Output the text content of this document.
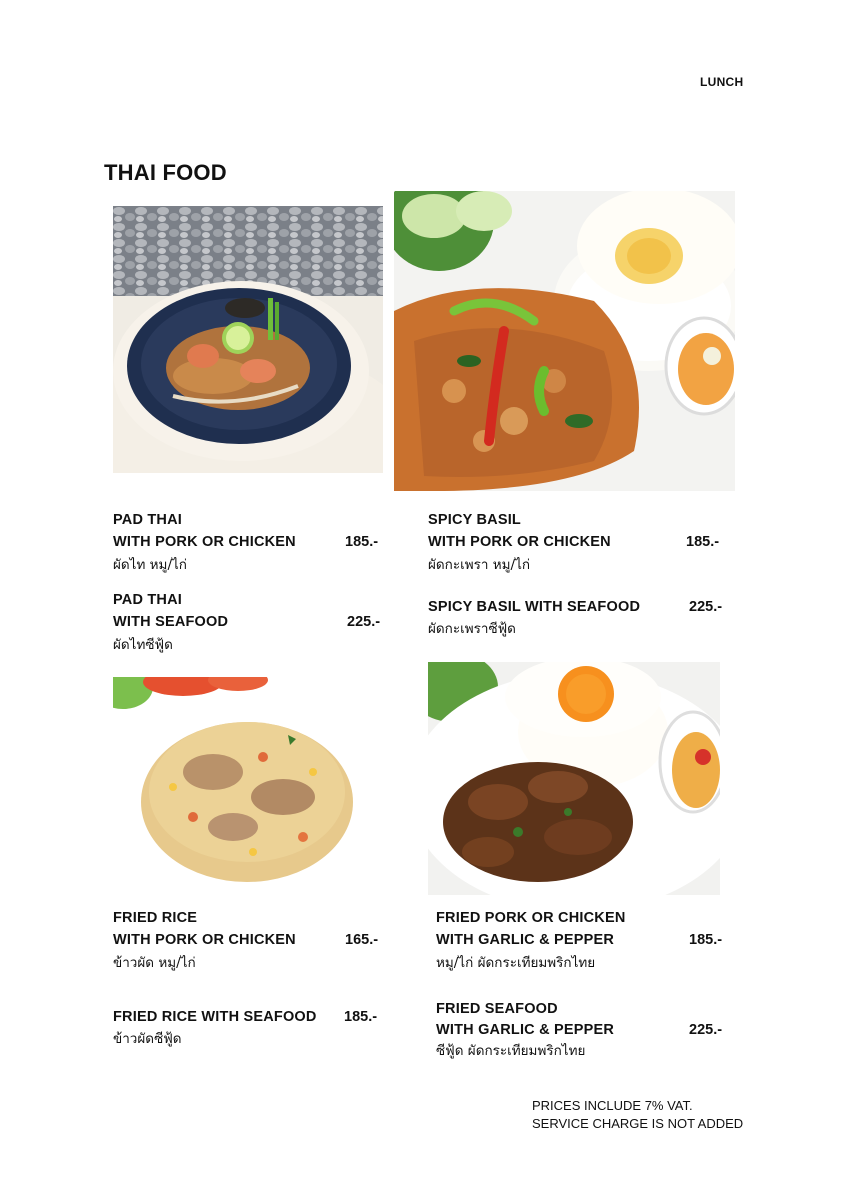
LUNCH
THAI FOOD
PAD THAI
WITH PORK OR CHICKEN	185.-
ผัดไท หมู/ไก่
PAD THAI
WITH SEAFOOD	225.-
ผัดไทซีฟู้ด
SPICY BASIL
WITH PORK OR CHICKEN	185.-
ผัดกะเพรา หมู/ไก่
SPICY BASIL WITH SEAFOOD	225.-
ผัดกะเพราซีฟู้ด
FRIED RICE
WITH PORK OR CHICKEN	165.-
ข้าวผัด หมู/ไก่
FRIED RICE WITH SEAFOOD 185.-
ข้าวผัดซีฟู้ด
FRIED PORK OR CHICKEN
WITH GARLIC & PEPPER	185.-
หมู/ไก่ ผัดกระเทียมพริกไทย
FRIED SEAFOOD
WITH GARLIC & PEPPER	225.-
ซีฟู้ด ผัดกระเทียมพริกไทย
PRICES INCLUDE 7% VAT.
SERVICE CHARGE IS NOT ADDED
